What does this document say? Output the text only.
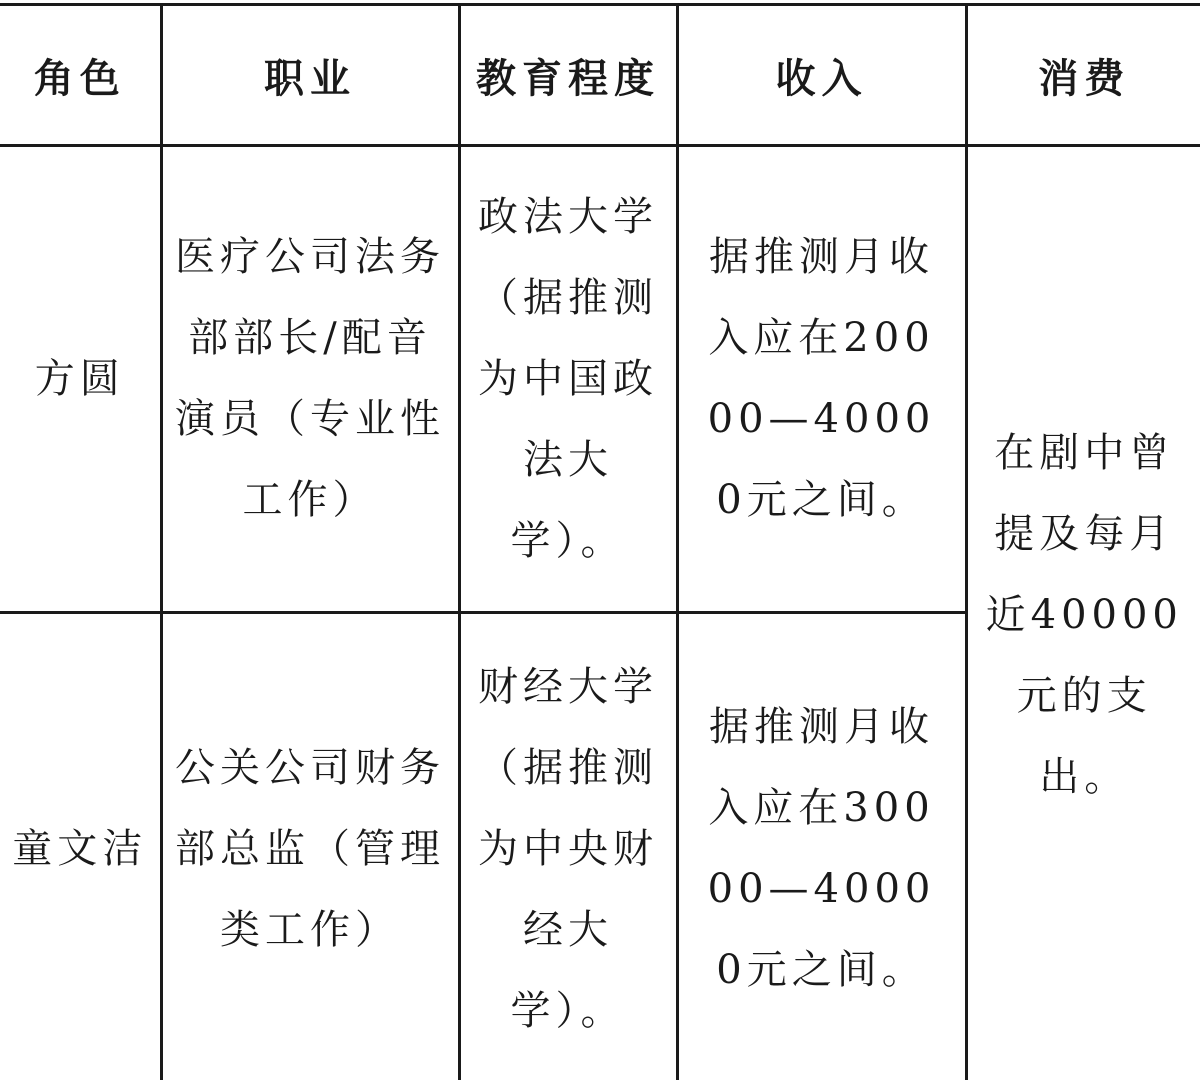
角色	职业	教育程度	收入	消费

方圆	医疗公司法务部部长/配音演员（专业性工作）	政法大学（据推测为中国政法大学）。	据推测月收入应在20000—40000元之间。	在剧中曾提及每月近40000元的支出。

童文洁	公关公司财务部总监（管理类工作）	财经大学（据推测为中央财经大学）。	据推测月收入应在30000—40000元之间。	
